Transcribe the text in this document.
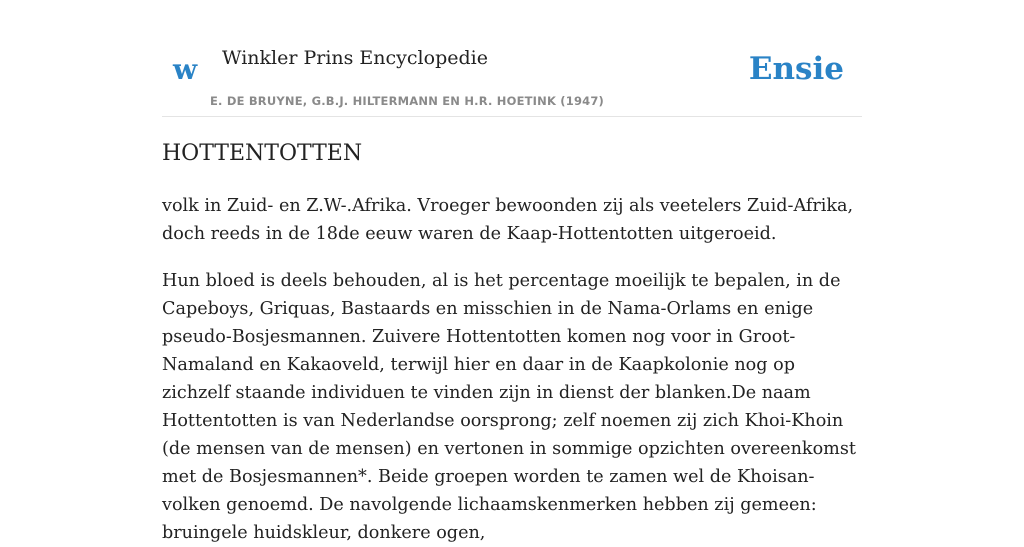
w Winkler Prins Encyclopedie
E. DE BRUYNE, G.B.J. HILTERMANN EN H.R. HOETINK (1947)
Ensie
HOTTENTOTTEN

volk in Zuid- en Z.W-.Afrika. Vroeger bewoonden zij als veetelers Zuid-Afrika, doch reeds in de 18de eeuw waren de Kaap-Hottentotten uitgeroeid.

Hun bloed is deels behouden, al is het percentage moeilijk te bepalen, in de Capeboys, Griquas, Bastaards en misschien in de Nama-Orlams en enige pseudo-Bosjesmannen. Zuivere Hottentotten komen nog voor in Groot-Namaland en Kakaoveld, terwijl hier en daar in de Kaapkolonie nog op zichzelf staande individuen te vinden zijn in dienst der blanken.De naam Hottentotten is van Nederlandse oorsprong; zelf noemen zij zich Khoi-Khoin (de mensen van de mensen) en vertonen in sommige opzichten overeenkomst met de Bosjesmannen*. Beide groepen worden te zamen wel de Khoisan-volken genoemd. De navolgende lichaamskenmerken hebben zij gemeen: bruingele huidskleur, donkere ogen,
